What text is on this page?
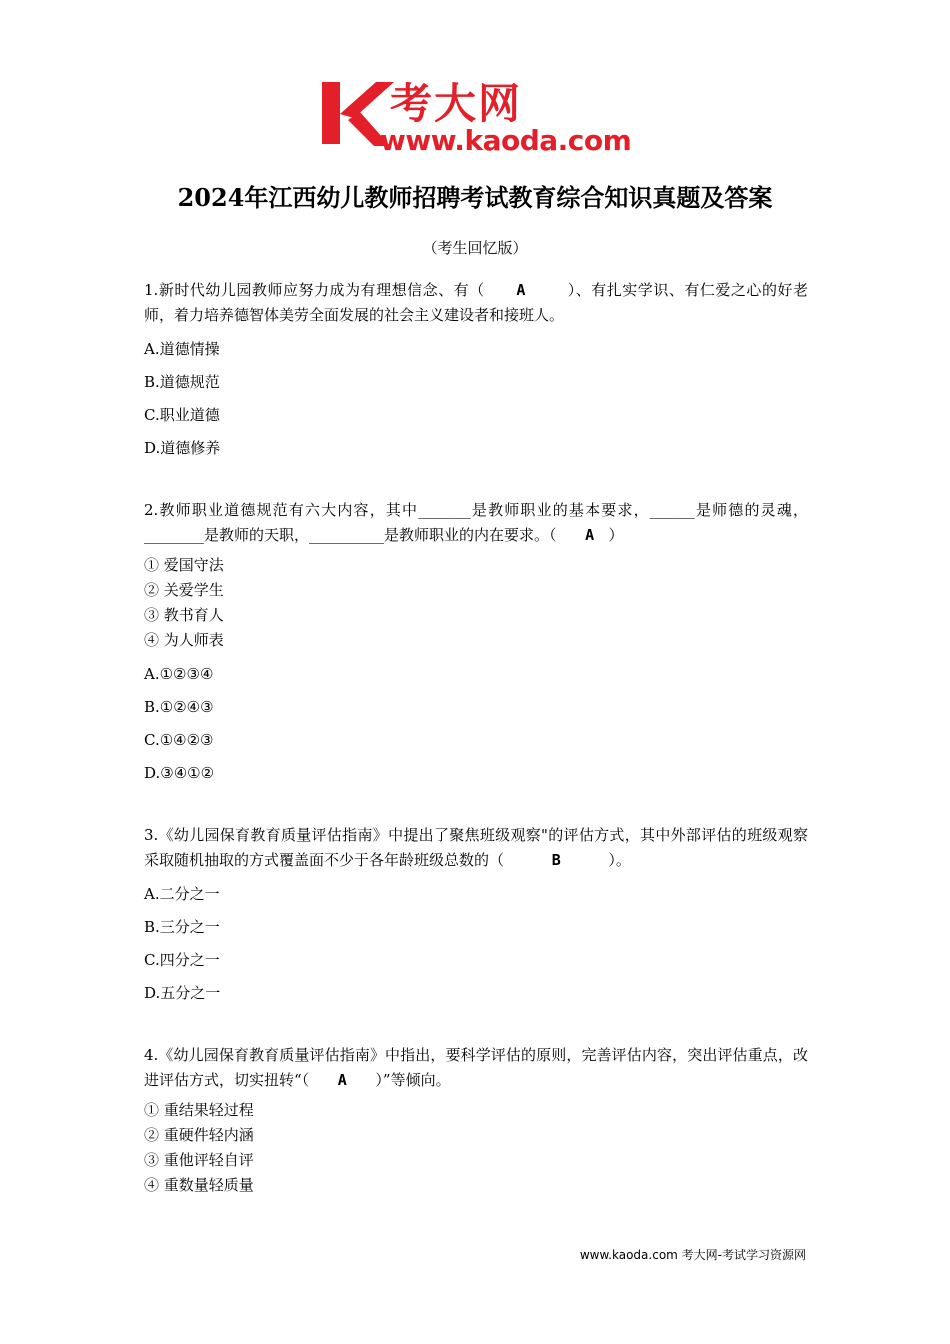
考大网
www.kaoda.com
2024年江西幼儿教师招聘考试教育综合知识真题及答案
（考生回忆版）

1.新时代幼儿园教师应努力成为有理想信念、有（ A	）、有扎实学识、有仁爱之心的好老师，着力培养德智体美劳全面发展的社会主义建设者和接班人。

A.道德情操

B.道德规范

C.职业道德

D.道德修养

2.教师职业道德规范有六大内容，其中_______是教师职业的基本要求，______是师德的灵魂，________是教师的天职，__________是教师职业的内在要求。（ A ）

① 爱国守法

② 关爱学生

③ 教书育人

④ 为人师表

A.①②③④

B.①②④③

C.①④②③

D.③④①②

3.《幼儿园保育教育质量评估指南》中提出了聚焦班级观察"的评估方式，其中外部评估的班级观察采取随机抽取的方式覆盖面不少于各年龄班级总数的（	B	）。

A.二分之一

B.三分之一

C.四分之一

D.五分之一

4.《幼儿园保育教育质量评估指南》中指出，要科学评估的原则，完善评估内容，突出评估重点，改进评估方式，切实扭转“（ A ）”等倾向。

① 重结果轻过程

② 重硬件轻内涵

③ 重他评轻自评

④ 重数量轻质量

www.kaoda.com 考大网-考试学习资源网
